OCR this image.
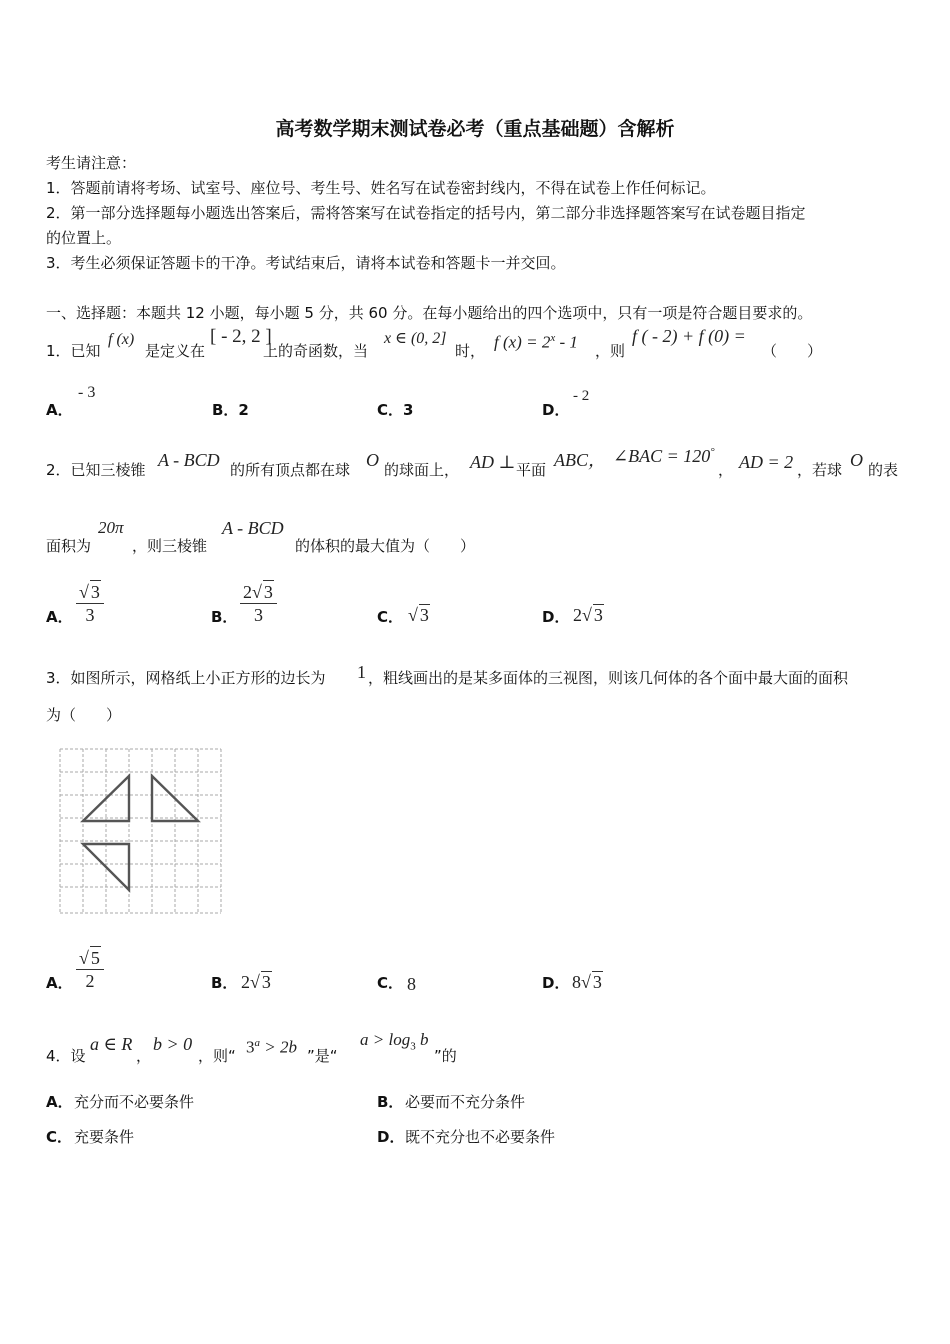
高考数学期末测试卷必考（重点基础题）含解析
考生请注意：
1．答题前请将考场、试室号、座位号、考生号、姓名写在试卷密封线内，不得在试卷上作任何标记。
2．第一部分选择题每小题选出答案后，需将答案写在试卷指定的括号内，第二部分非选择题答案写在试卷题目指定
的位置上。
3．考生必须保证答题卡的干净。考试结束后，请将本试卷和答题卡一并交回。
一、选择题：本题共 12 小题，每小题 5 分，共 60 分。在每小题给出的四个选项中，只有一项是符合题目要求的。
1．已知
f (x)
是定义在
[ - 2, 2 ]
上的奇函数，当
x ∈ (0, 2]
时， f $(x) = 2^x - 1$ ，则
f ( - 2) + f (0) =
（　　）
A．
- 3
B．2	C．3	D．
- 2
2．已知三棱锥 A - BCD 的所有顶点都在球 O 的球面上， AD ⊥ 平面 ABC， ∠BAC = 120°
， AD = 2 ，若球 O 的表
面积为
20π
，则三棱锥
A - BCD
的体积的最大值为（　　）
A． $\frac{√ 3}{3}$	B． $\frac{2√ 3}{3}$	C． √ 3	D． 2√ 3
3．如图所示，网格纸上小正方形的边长为 1 ，粗线画出的是某多面体的三视图，则该几何体的各个面中最大面的面积
为（　　）
A． $\frac{√ 5}{2}$	B． 2√ 3	C． 8	D． 8√ 3
4．设
a ∈ R
，
b > 0
，则“ $3^a > 2b$ ”是“
$a > \log_3 b$
”的
A． 充分而不必要条件	B． 必要而不充分条件
C． 充要条件	D． 既不充分也不必要条件
